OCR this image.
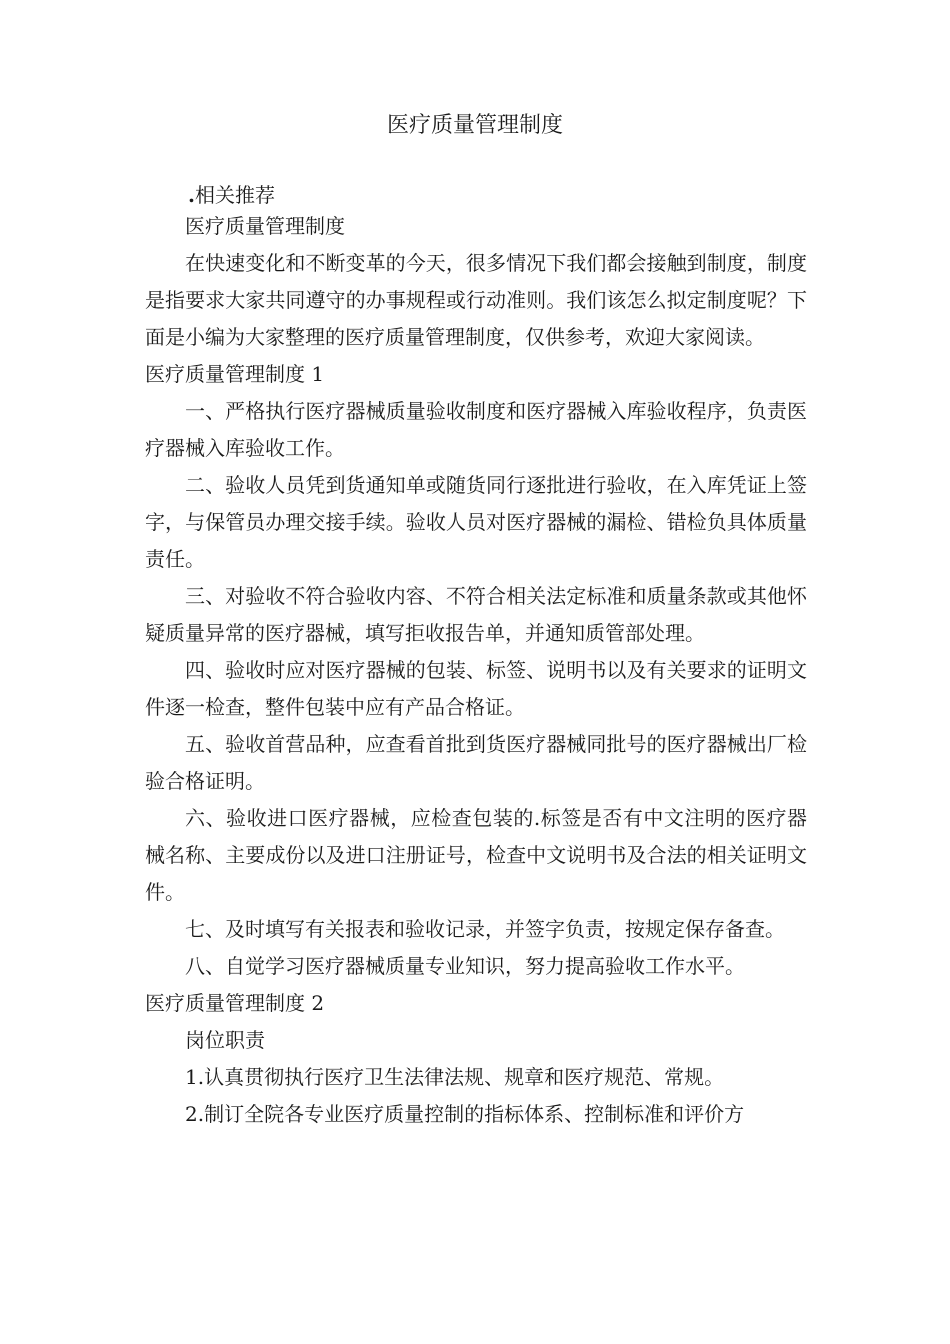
医疗质量管理制度
.相关推荐

医疗质量管理制度

在快速变化和不断变革的今天，很多情况下我们都会接触到制度，制度是指要求大家共同遵守的办事规程或行动准则。我们该怎么拟定制度呢？下面是小编为大家整理的医疗质量管理制度，仅供参考，欢迎大家阅读。

医疗质量管理制度 1

一、严格执行医疗器械质量验收制度和医疗器械入库验收程序，负责医疗器械入库验收工作。

二、验收人员凭到货通知单或随货同行逐批进行验收，在入库凭证上签字，与保管员办理交接手续。验收人员对医疗器械的漏检、错检负具体质量责任。

三、对验收不符合验收内容、不符合相关法定标准和质量条款或其他怀疑质量异常的医疗器械，填写拒收报告单，并通知质管部处理。

四、验收时应对医疗器械的包装、标签、说明书以及有关要求的证明文件逐一检查，整件包装中应有产品合格证。

五、验收首营品种，应查看首批到货医疗器械同批号的医疗器械出厂检验合格证明。

六、验收进口医疗器械，应检查包装的.标签是否有中文注明的医疗器械名称、主要成份以及进口注册证号，检查中文说明书及合法的相关证明文件。

七、及时填写有关报表和验收记录，并签字负责，按规定保存备查。

八、自觉学习医疗器械质量专业知识，努力提高验收工作水平。

医疗质量管理制度 2

岗位职责

1.认真贯彻执行医疗卫生法律法规、规章和医疗规范、常规。

2.制订全院各专业医疗质量控制的指标体系、控制标准和评价方
